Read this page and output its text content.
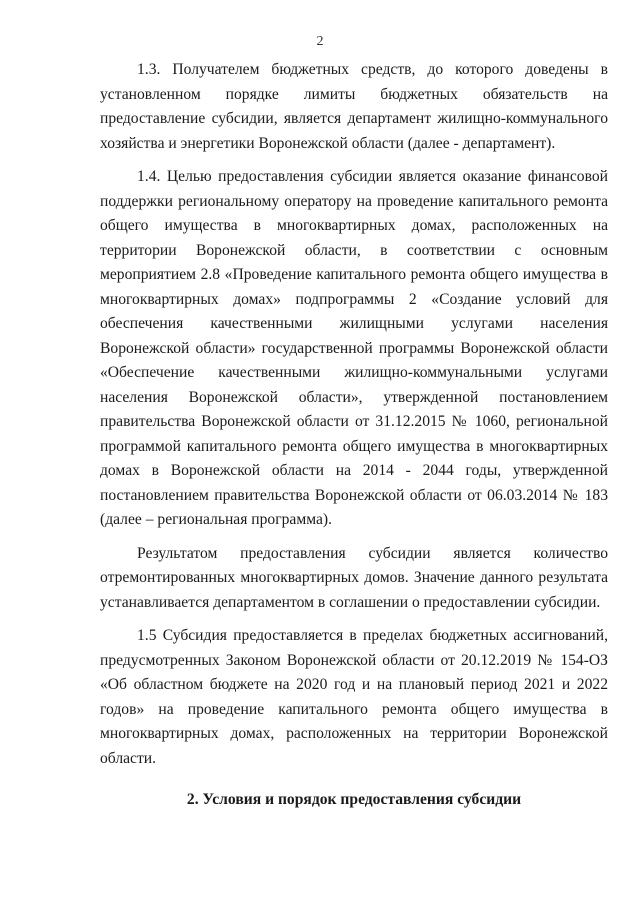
2

1.3. Получателем бюджетных средств, до которого доведены в установленном порядке лимиты бюджетных обязательств на предоставление субсидии, является департамент жилищно-коммунального хозяйства и энергетики Воронежской области (далее - департамент).

1.4. Целью предоставления субсидии является оказание финансовой поддержки региональному оператору на проведение капитального ремонта общего имущества в многоквартирных домах, расположенных на территории Воронежской области, в соответствии с основным мероприятием 2.8 «Проведение капитального ремонта общего имущества в многоквартирных домах» подпрограммы 2 «Создание условий для обеспечения качественными жилищными услугами населения Воронежской области» государственной программы Воронежской области «Обеспечение качественными жилищно-коммунальными услугами населения Воронежской области», утвержденной постановлением правительства Воронежской области от 31.12.2015 № 1060, региональной программой капитального ремонта общего имущества в многоквартирных домах в Воронежской области на 2014 - 2044 годы, утвержденной постановлением правительства Воронежской области от 06.03.2014 № 183 (далее – региональная программа).

Результатом предоставления субсидии является количество отремонтированных многоквартирных домов. Значение данного результата устанавливается департаментом в соглашении о предоставлении субсидии.

1.5 Субсидия предоставляется в пределах бюджетных ассигнований, предусмотренных Законом Воронежской области от 20.12.2019 № 154-ОЗ «Об областном бюджете на 2020 год и на плановый период 2021 и 2022 годов» на проведение капитального ремонта общего имущества в многоквартирных домах, расположенных на территории Воронежской области.

2. Условия и порядок предоставления субсидии
